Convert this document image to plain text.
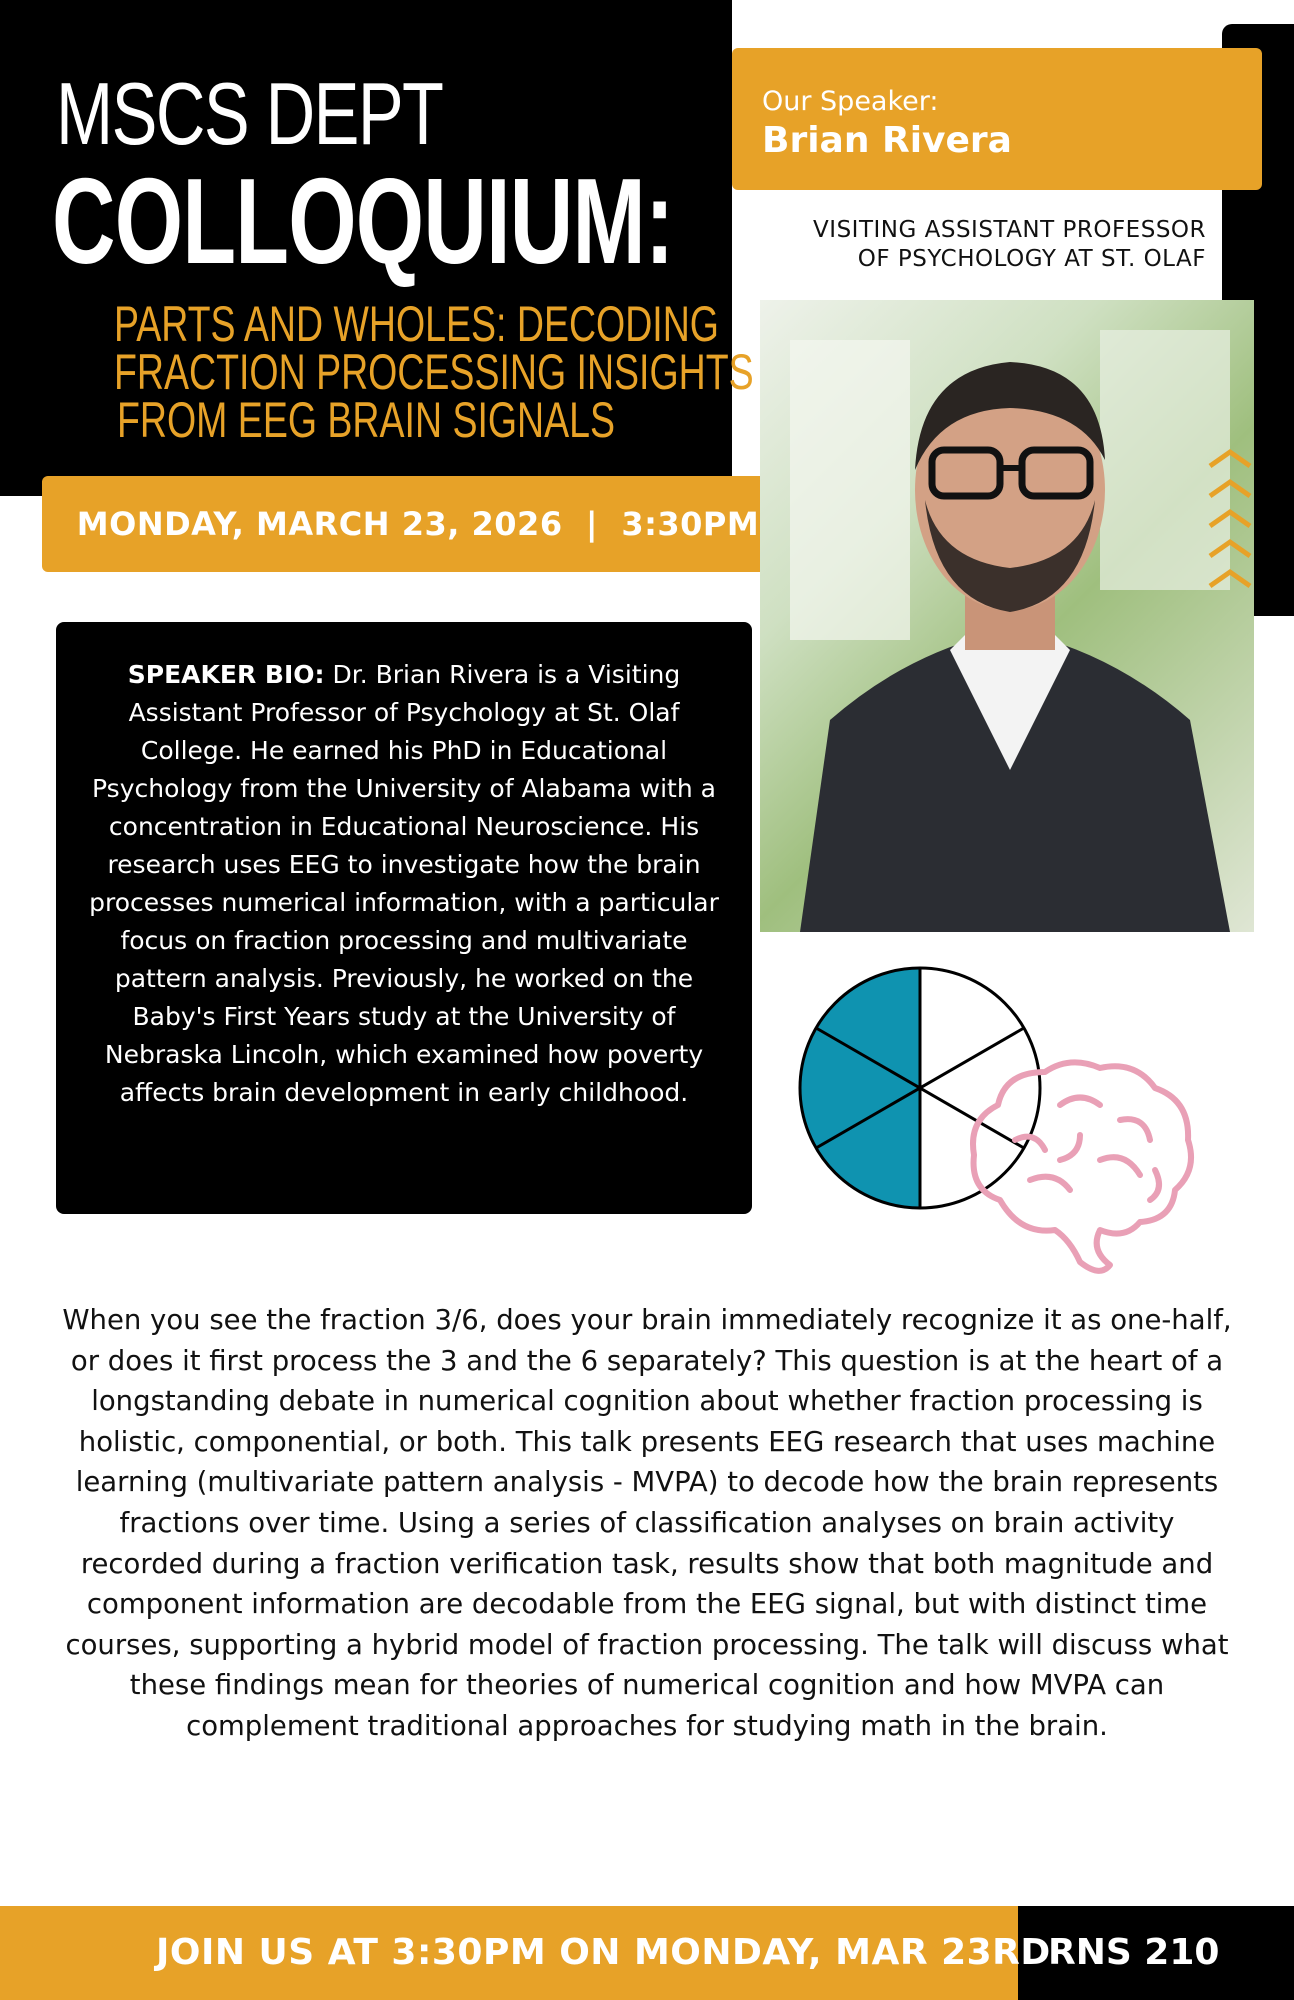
MSCS DEPT
COLLOQUIUM:
PARTS AND WHOLES: DECODING
FRACTION PROCESSING INSIGHTS
FROM EEG BRAIN SIGNALS
MONDAY, MARCH 23, 2026  |  3:30PM
Our Speaker:
Brian Rivera
VISITING ASSISTANT PROFESSOR
OF PSYCHOLOGY AT ST. OLAF
SPEAKER BIO: Dr. Brian Rivera is a Visiting Assistant Professor of Psychology at St. Olaf College. He earned his PhD in Educational Psychology from the University of Alabama with a concentration in Educational Neuroscience. His research uses EEG to investigate how the brain processes numerical information, with a particular focus on fraction processing and multivariate pattern analysis. Previously, he worked on the Baby's First Years study at the University of Nebraska Lincoln, which examined how poverty affects brain development in early childhood.
When you see the fraction 3/6, does your brain immediately recognize it as one-half, or does it first process the 3 and the 6 separately? This question is at the heart of a longstanding debate in numerical cognition about whether fraction processing is holistic, componential, or both. This talk presents EEG research that uses machine learning (multivariate pattern analysis - MVPA) to decode how the brain represents fractions over time. Using a series of classification analyses on brain activity recorded during a fraction verification task, results show that both magnitude and component information are decodable from the EEG signal, but with distinct time courses, supporting a hybrid model of fraction processing. The talk will discuss what these findings mean for theories of numerical cognition and how MVPA can complement traditional approaches for studying math in the brain.
JOIN US AT 3:30PM ON MONDAY, MAR 23RD
RNS 210
